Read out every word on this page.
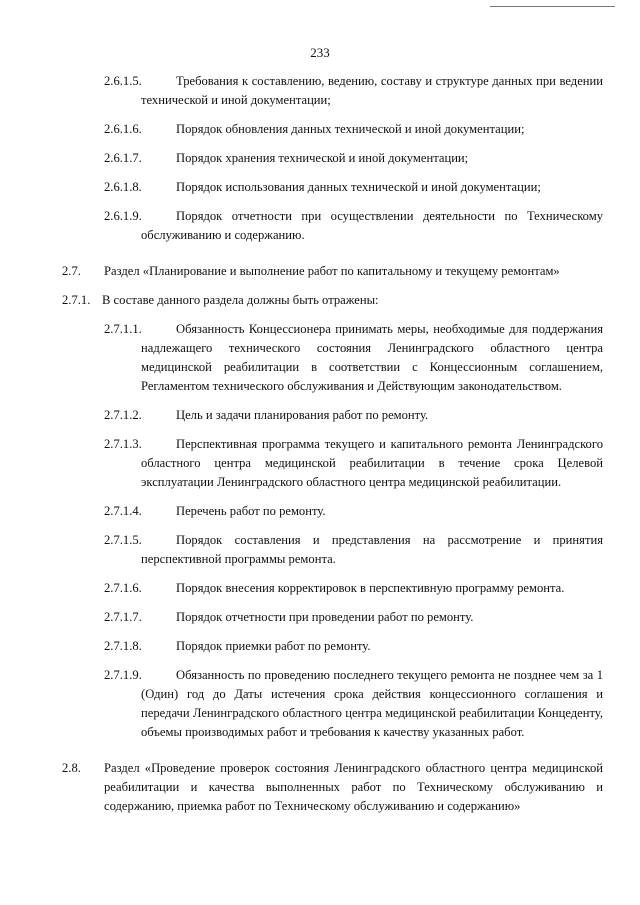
233
2.6.1.5.	Требования к составлению, ведению, составу и структуре данных при ведении технической и иной документации;
2.6.1.6.	Порядок обновления данных технической и иной документации;
2.6.1.7.	Порядок хранения технической и иной документации;
2.6.1.8.	Порядок использования данных технической и иной документации;
2.6.1.9.	Порядок отчетности при осуществлении деятельности по Техническому обслуживанию и содержанию.
2.7. Раздел «Планирование и выполнение работ по капитальному и текущему ремонтам»
2.7.1. В составе данного раздела должны быть отражены:
2.7.1.1.	Обязанность Концессионера принимать меры, необходимые для поддержания надлежащего технического состояния Ленинградского областного центра медицинской реабилитации в соответствии с Концессионным соглашением, Регламентом технического обслуживания и Действующим законодательством.
2.7.1.2.	Цель и задачи планирования работ по ремонту.
2.7.1.3.	Перспективная программа текущего и капитального ремонта Ленинградского областного центра медицинской реабилитации в течение срока Целевой эксплуатации Ленинградского областного центра медицинской реабилитации.
2.7.1.4.	Перечень работ по ремонту.
2.7.1.5.	Порядок составления и представления на рассмотрение и принятия перспективной программы ремонта.
2.7.1.6.	Порядок внесения корректировок в перспективную программу ремонта.
2.7.1.7.	Порядок отчетности при проведении работ по ремонту.
2.7.1.8.	Порядок приемки работ по ремонту.
2.7.1.9.	Обязанность по проведению последнего текущего ремонта не позднее чем за 1 (Один) год до Даты истечения срока действия концессионного соглашения и передачи Ленинградского областного центра медицинской реабилитации Концеденту, объемы производимых работ и требования к качеству указанных работ.
2.8. Раздел «Проведение проверок состояния Ленинградского областного центра медицинской реабилитации и качества выполненных работ по Техническому обслуживанию и содержанию, приемка работ по Техническому обслуживанию и содержанию»
